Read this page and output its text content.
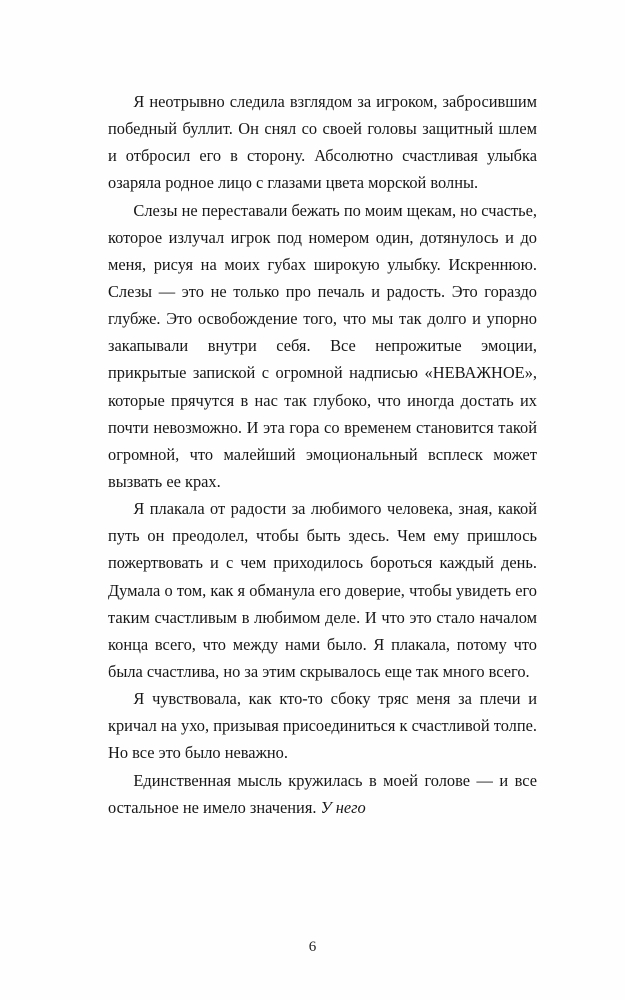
Я неотрывно следила взглядом за игроком, забросившим победный буллит. Он снял со своей головы защитный шлем и отбросил его в сторону. Абсолютно счастливая улыбка озаряла родное лицо с глазами цвета морской волны.

Слезы не переставали бежать по моим щекам, но счастье, которое излучал игрок под номером один, дотянулось и до меня, рисуя на моих губах широкую улыбку. Искреннюю. Слезы — это не только про печаль и радость. Это гораздо глубже. Это освобождение того, что мы так долго и упорно закапывали внутри себя. Все непрожитые эмоции, прикрытые запиской с огромной надписью «НЕВАЖНОЕ», которые прячутся в нас так глубоко, что иногда достать их почти невозможно. И эта гора со временем становится такой огромной, что малейший эмоциональный всплеск может вызвать ее крах.

Я плакала от радости за любимого человека, зная, какой путь он преодолел, чтобы быть здесь. Чем ему пришлось пожертвовать и с чем приходилось бороться каждый день. Думала о том, как я обманула его доверие, чтобы увидеть его таким счастливым в любимом деле. И что это стало началом конца всего, что между нами было. Я плакала, потому что была счастлива, но за этим скрывалось еще так много всего.

Я чувствовала, как кто-то сбоку тряс меня за плечи и кричал на ухо, призывая присоединиться к счастливой толпе. Но все это было неважно.

Единственная мысль кружилась в моей голове — и все остальное не имело значения. У него

6
